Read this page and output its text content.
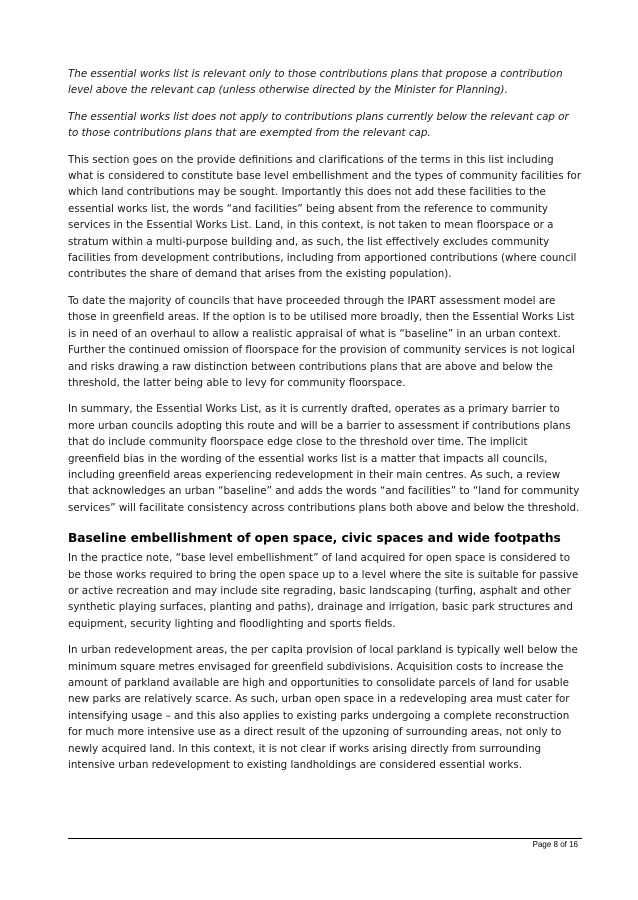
The essential works list is relevant only to those contributions plans that propose a contribution level above the relevant cap (unless otherwise directed by the Minister for Planning).

The essential works list does not apply to contributions plans currently below the relevant cap or to those contributions plans that are exempted from the relevant cap.

This section goes on the provide definitions and clarifications of the terms in this list including what is considered to constitute base level embellishment and the types of community facilities for which land contributions may be sought. Importantly this does not add these facilities to the essential works list, the words “and facilities” being absent from the reference to community services in the Essential Works List. Land, in this context, is not taken to mean floorspace or a stratum within a multi-purpose building and, as such, the list effectively excludes community facilities from development contributions, including from apportioned contributions (where council contributes the share of demand that arises from the existing population).

To date the majority of councils that have proceeded through the IPART assessment model are those in greenfield areas. If the option is to be utilised more broadly, then the Essential Works List is in need of an overhaul to allow a realistic appraisal of what is “baseline” in an urban context. Further the continued omission of floorspace for the provision of community services is not logical and risks drawing a raw distinction between contributions plans that are above and below the threshold, the latter being able to levy for community floorspace.

In summary, the Essential Works List, as it is currently drafted, operates as a primary barrier to more urban councils adopting this route and will be a barrier to assessment if contributions plans that do include community floorspace edge close to the threshold over time. The implicit greenfield bias in the wording of the essential works list is a matter that impacts all councils, including greenfield areas experiencing redevelopment in their main centres. As such, a review that acknowledges an urban “baseline” and adds the words “and facilities” to “land for community services” will facilitate consistency across contributions plans both above and below the threshold.

Baseline embellishment of open space, civic spaces and wide footpaths

In the practice note, “base level embellishment” of land acquired for open space is considered to be those works required to bring the open space up to a level where the site is suitable for passive or active recreation and may include site regrading, basic landscaping (turfing, asphalt and other synthetic playing surfaces, planting and paths), drainage and irrigation, basic park structures and equipment, security lighting and floodlighting and sports fields.

In urban redevelopment areas, the per capita provision of local parkland is typically well below the minimum square metres envisaged for greenfield subdivisions. Acquisition costs to increase the amount of parkland available are high and opportunities to consolidate parcels of land for usable new parks are relatively scarce. As such, urban open space in a redeveloping area must cater for intensifying usage – and this also applies to existing parks undergoing a complete reconstruction for much more intensive use as a direct result of the upzoning of surrounding areas, not only to newly acquired land. In this context, it is not clear if works arising directly from surrounding intensive urban redevelopment to existing landholdings are considered essential works.

Page 8 of 16
